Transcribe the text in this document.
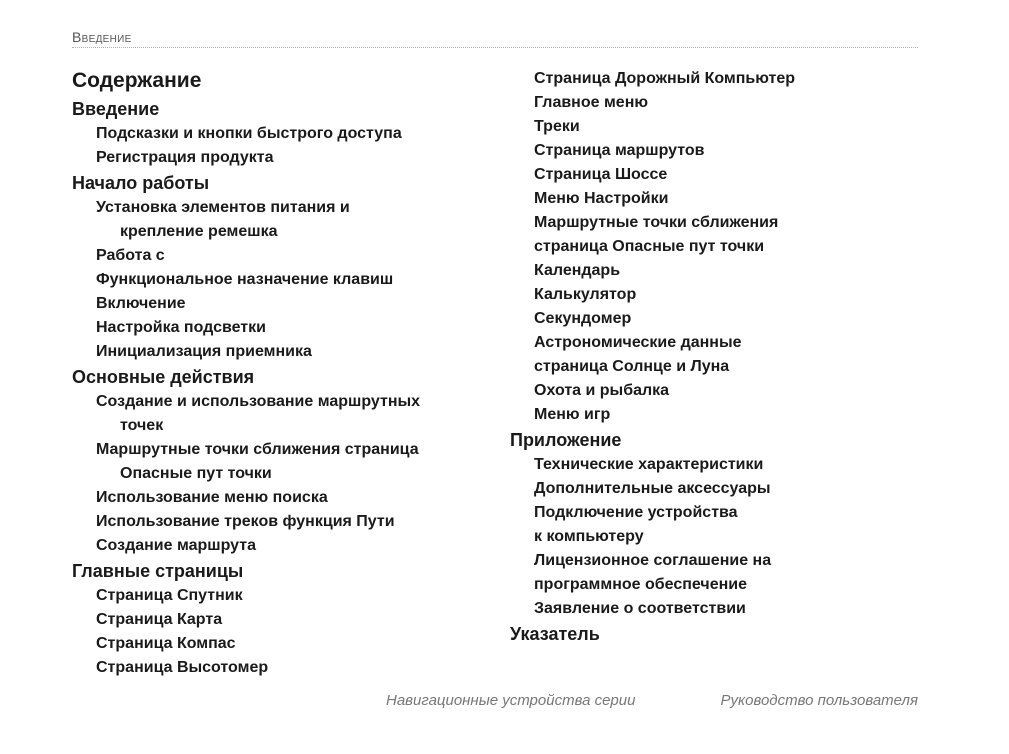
Введение
Содержание
Введение
Подсказки и кнопки быстрого доступа
Регистрация продукта
Начало работы
Установка элементов питания и
крепление ремешка
Работа с
Функциональное назначение клавиш
Включение
Настройка подсветки
Инициализация приемника
Основные действия
Создание и использование маршрутных
точек
Маршрутные точки сближения страница
Опасные пут точки
Использование меню поиска
Использование треков функция Пути
Создание маршрута
Главные страницы
Страница Спутник
Страница Карта
Страница Компас
Страница Высотомер
Страница Дорожный Компьютер
Главное меню
Треки
Страница маршрутов
Страница Шоссе
Меню Настройки
Маршрутные точки сближения
страница Опасные пут точки
Календарь
Калькулятор
Секундомер
Астрономические данные
страница Солнце и Луна
Охота и рыбалка
Меню игр
Приложение
Технические характеристики
Дополнительные аксессуары
Подключение устройства
к компьютеру
Лицензионное соглашение на
программное обеспечение
Заявление о соответствии
Указатель
Навигационные устройства серии	Руководство пользователя
